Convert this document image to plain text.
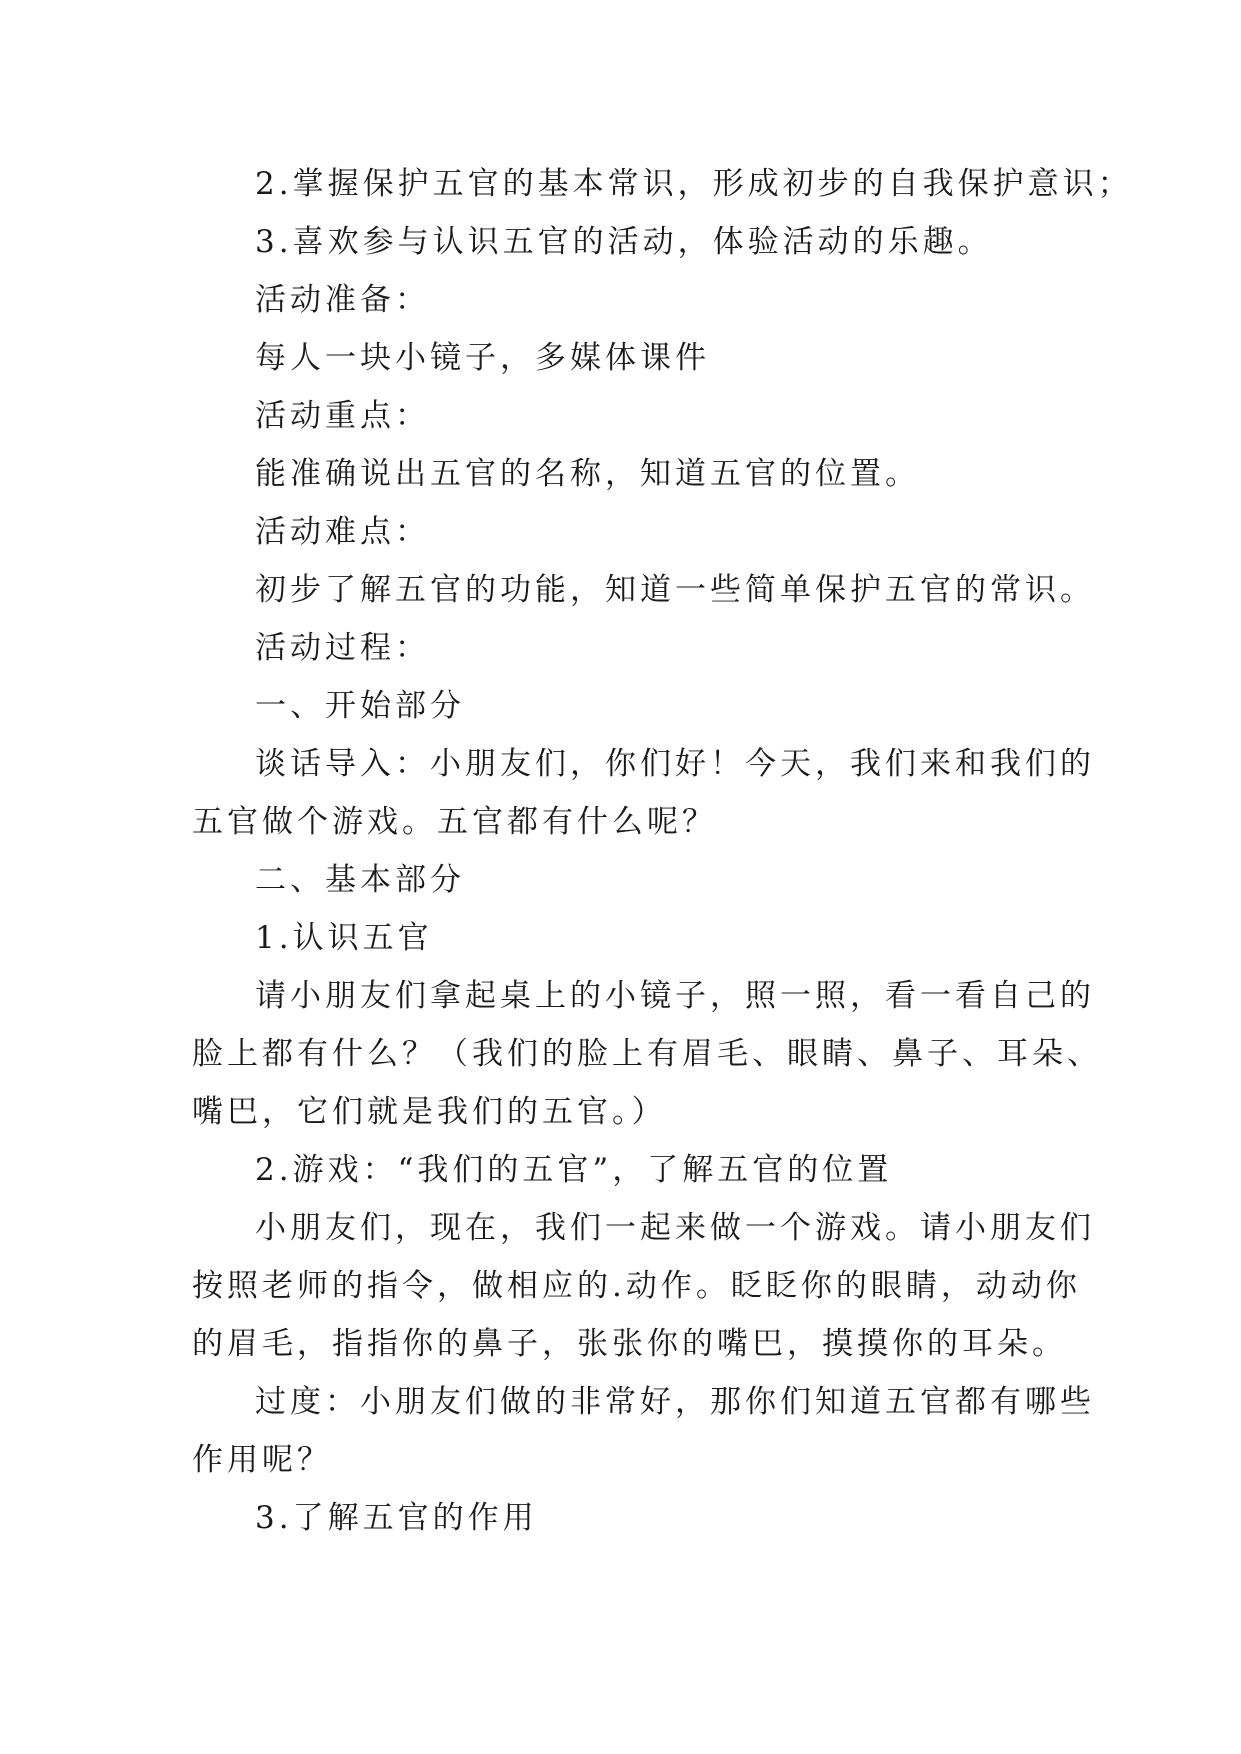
2.掌握保护五官的基本常识，形成初步的自我保护意识；
3.喜欢参与认识五官的活动，体验活动的乐趣。
活动准备：
每人一块小镜子，多媒体课件
活动重点：
能准确说出五官的名称，知道五官的位置。
活动难点：
初步了解五官的功能，知道一些简单保护五官的常识。
活动过程：
一、开始部分
谈话导入：小朋友们，你们好！今天，我们来和我们的
五官做个游戏。五官都有什么呢？
二、基本部分
1.认识五官
请小朋友们拿起桌上的小镜子，照一照，看一看自己的
脸上都有什么？（我们的脸上有眉毛、眼睛、鼻子、耳朵、
嘴巴，它们就是我们的五官。）
2.游戏：“我们的五官”，了解五官的位置
小朋友们，现在，我们一起来做一个游戏。请小朋友们
按照老师的指令，做相应的.动作。眨眨你的眼睛，动动你
的眉毛，指指你的鼻子，张张你的嘴巴，摸摸你的耳朵。
过度：小朋友们做的非常好，那你们知道五官都有哪些
作用呢？
3.了解五官的作用
